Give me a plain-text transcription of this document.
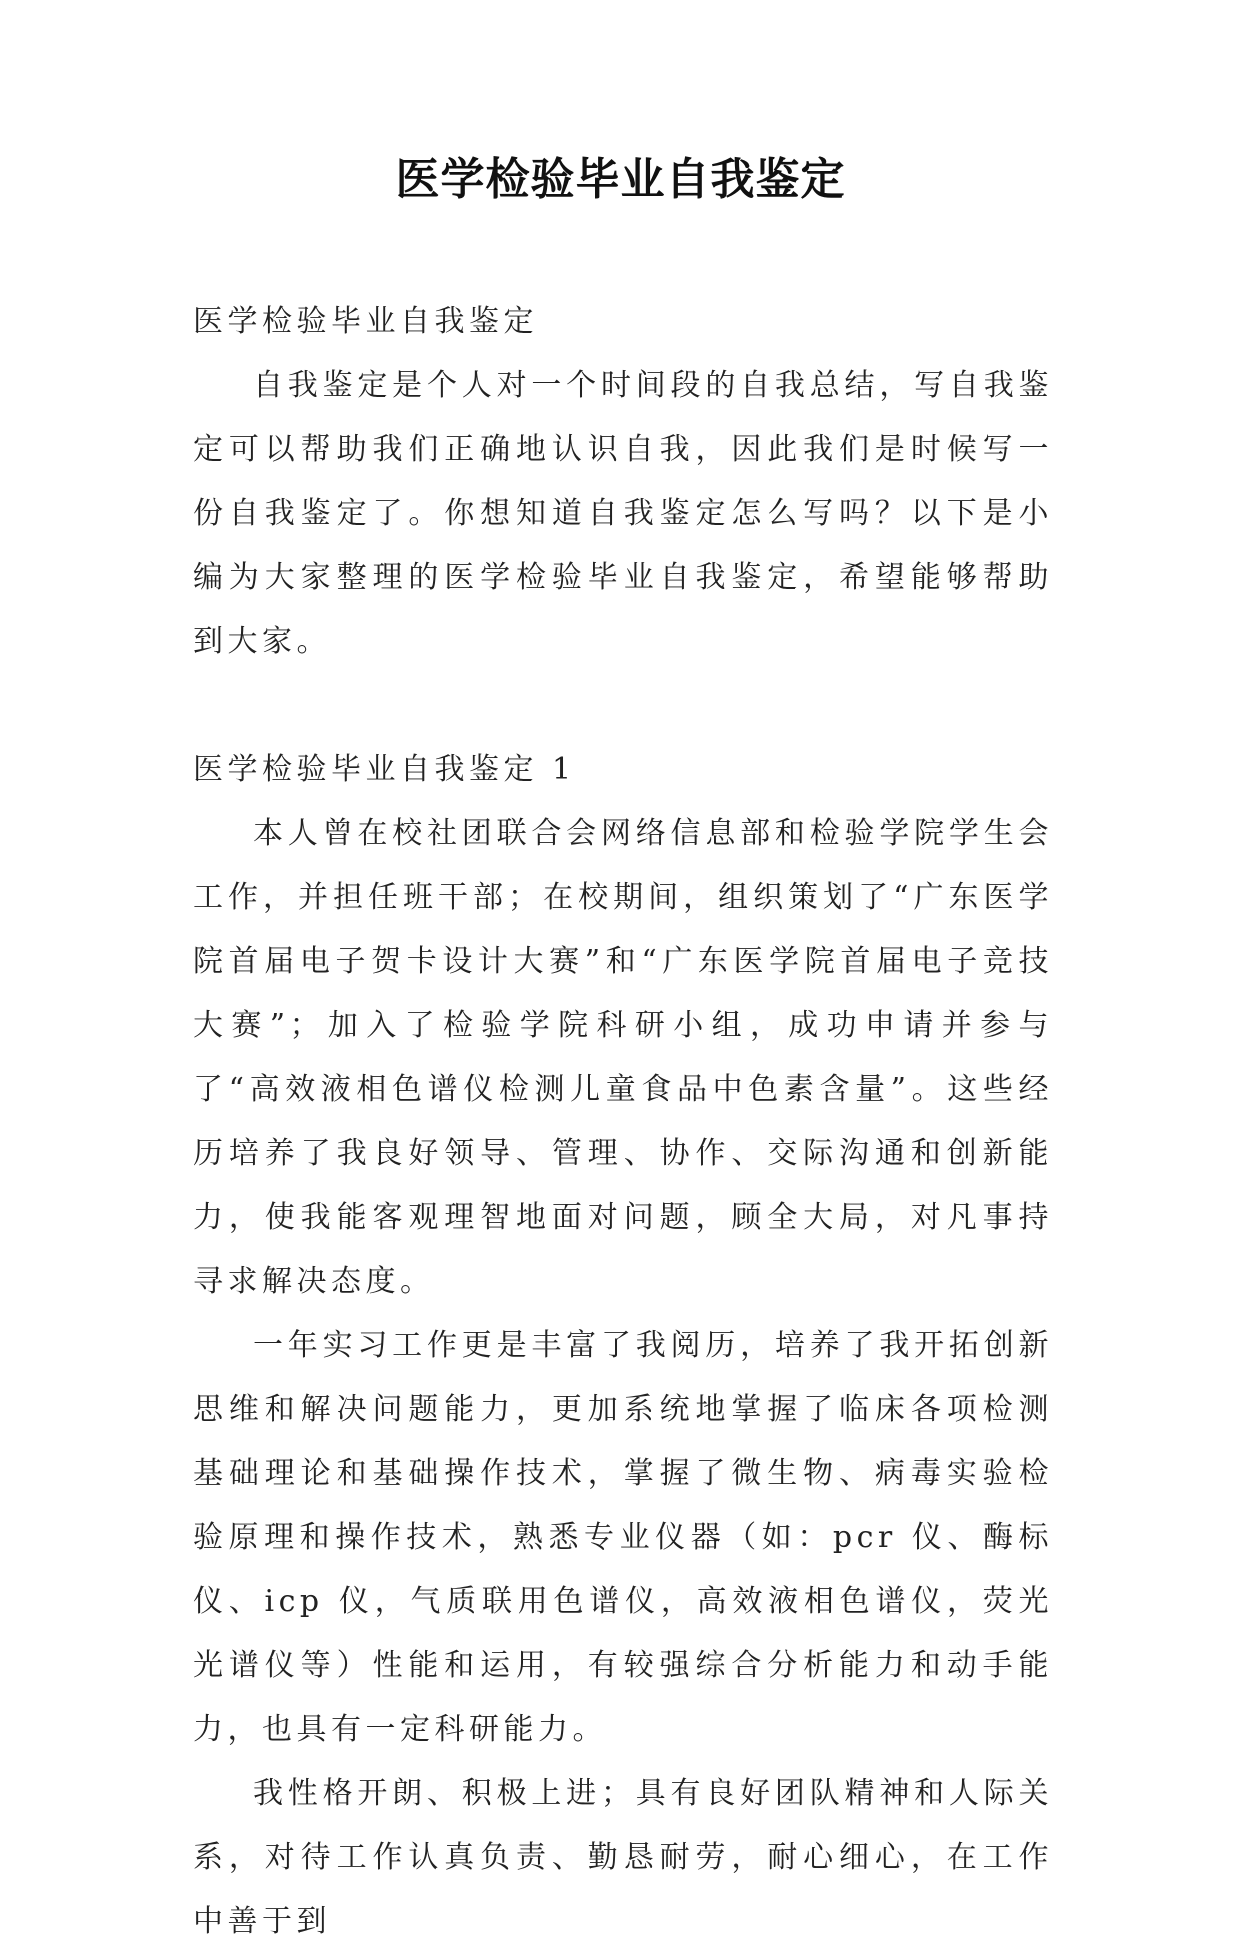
医学检验毕业自我鉴定

医学检验毕业自我鉴定

自我鉴定是个人对一个时间段的自我总结，写自我鉴定可以帮助我们正确地认识自我，因此我们是时候写一份自我鉴定了。你想知道自我鉴定怎么写吗？以下是小编为大家整理的医学检验毕业自我鉴定，希望能够帮助到大家。

医学检验毕业自我鉴定 1

本人曾在校社团联合会网络信息部和检验学院学生会工作，并担任班干部；在校期间，组织策划了“广东医学院首届电子贺卡设计大赛”和“广东医学院首届电子竞技大赛”；加入了检验学院科研小组，成功申请并参与了“高效液相色谱仪检测儿童食品中色素含量”。这些经历培养了我良好领导、管理、协作、交际沟通和创新能力，使我能客观理智地面对问题，顾全大局，对凡事持寻求解决态度。

一年实习工作更是丰富了我阅历，培养了我开拓创新思维和解决问题能力，更加系统地掌握了临床各项检测基础理论和基础操作技术，掌握了微生物、病毒实验检验原理和操作技术，熟悉专业仪器（如：pcr 仪、酶标仪、icp 仪，气质联用色谱仪，高效液相色谱仪，荧光光谱仪等）性能和运用，有较强综合分析能力和动手能力，也具有一定科研能力。

我性格开朗、积极上进；具有良好团队精神和人际关系，对待工作认真负责、勤恳耐劳，耐心细心，在工作中善于到
